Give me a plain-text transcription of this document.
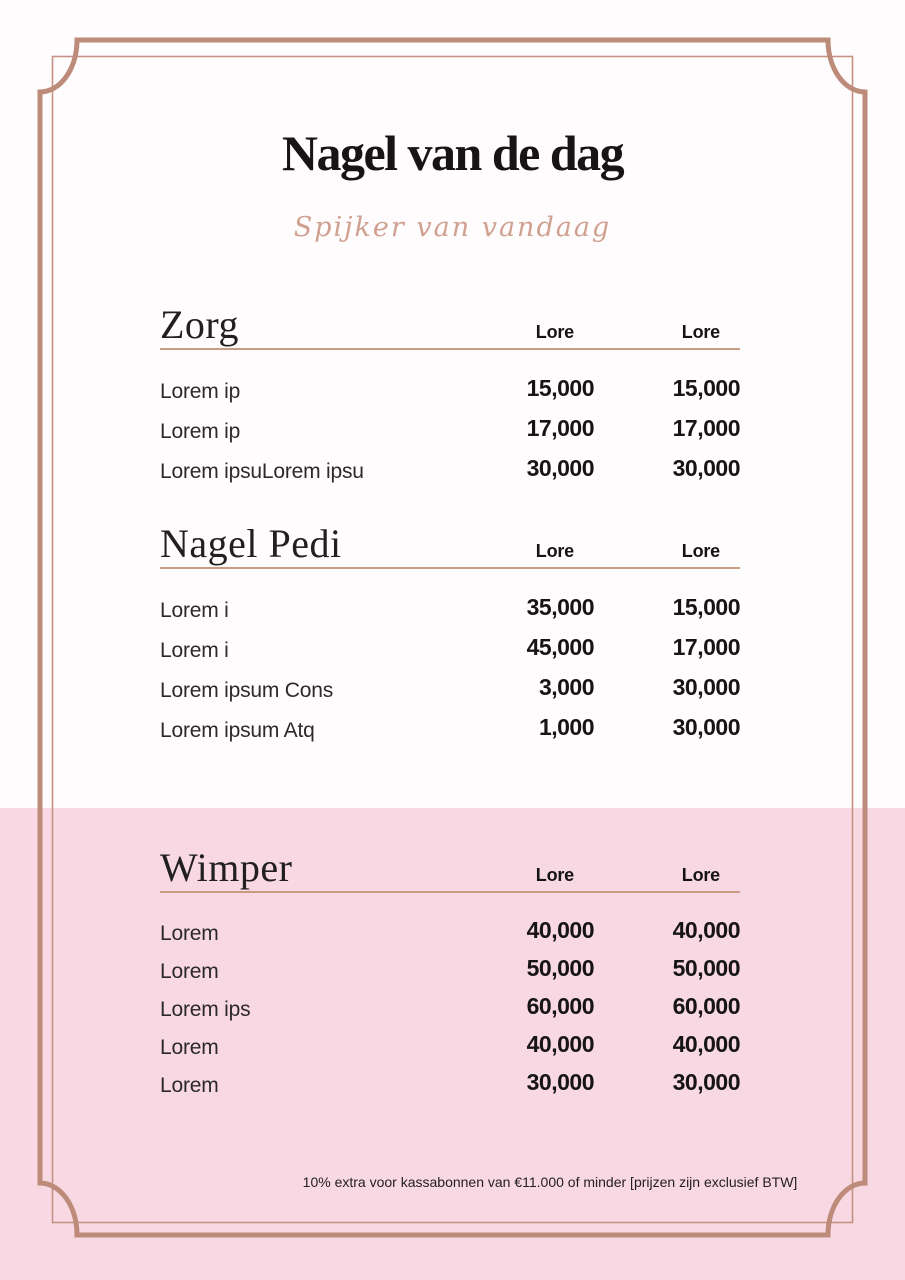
Nagel van de dag
Spijker van vandaag
Zorg	Lore	Lore
Lorem ip	15,000	15,000
Lorem ip	17,000	17,000
Lorem ipsuLorem ipsu	30,000	30,000
Nagel Pedi	Lore	Lore
Lorem i	35,000	15,000
Lorem i	45,000	17,000
Lorem ipsum Cons	3,000	30,000
Lorem ipsum Atq	1,000	30,000
Wimper	Lore	Lore
Lorem	40,000	40,000
Lorem	50,000	50,000
Lorem ips	60,000	60,000
Lorem	40,000	40,000
Lorem	30,000	30,000
10% extra voor kassabonnen van €11.000 of minder [prijzen zijn exclusief BTW]
